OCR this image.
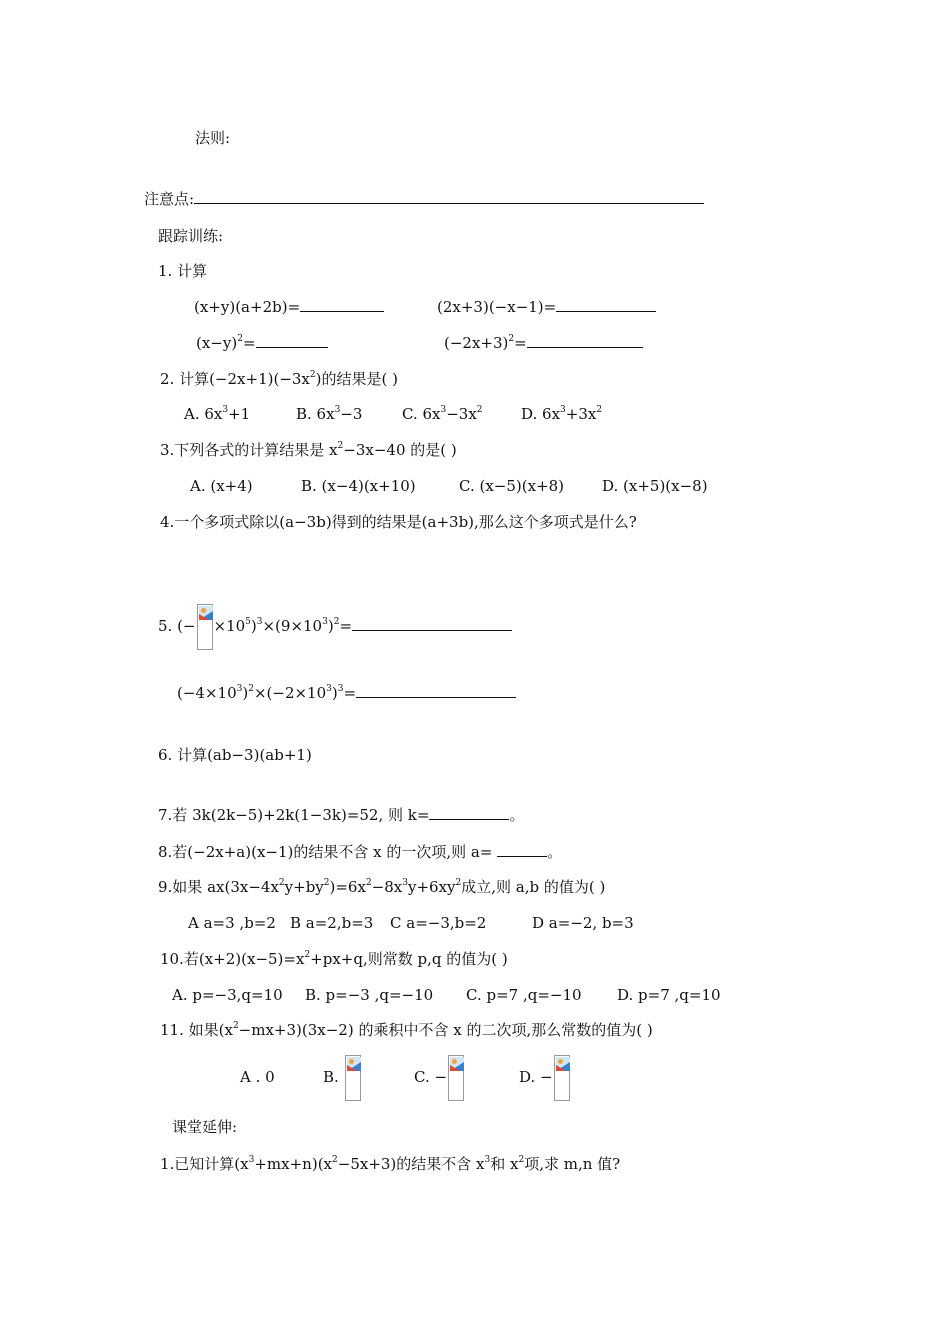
法则:
注意点:
跟踪训练:
1. 计算
(x+y)(a+2b)=	(2x+3)(−x−1)=
$(x-y)^2=$	$(-2x+3)^2=$
2. 计算$(-2x+1)(-3x^2)$的结果是( )
A. $6x^3+1$	B. $6x^3-3$	C. $6x^3-3x^2$	D. $6x^3+3x^2$
3.下列各式的计算结果是 $x^2-3x-40$ 的是( )
A. (x+4)	B. (x−4)(x+10)	C. (x−5)(x+8)	D. (x+5)(x−8)
4.一个多项式除以(a−3b)得到的结果是(a+3b),那么这个多项式是什么?
5. (− $\times 10^5)^3\times(9\times 10^3)^2=$
$(-4\times 10^3)^2\times(-2\times 10^3)^3=$
6. 计算(ab−3)(ab+1)
7.若 3k(2k−5)+2k(1−3k)=52, 则 k=	。
8.若(−2x+a)(x−1)的结果不含 x 的一次项,则 a=	。
9.如果 $ax(3x-4x^2y+by^2)=6x^2-8x^3y+6xy^2$成立,则 a,b 的值为( )
A a=3 ,b=2 B a=2,b=3 C a=−3,b=2	D a=−2, b=3
10.若$(x+2)(x-5)=x^2+px+q$,则常数 p,q 的值为( )
A. p=−3,q=10 B. p=−3 ,q=−10 C. p=7 ,q=−10 D. p=7 ,q=10
11. 如果$(x^2-mx+3)(3x-2)$ 的乘积中不含 x 的二次项,那么常数的值为( )
A . 0	B.	C. −	D. −
课堂延伸:
1.已知计算$(x^3+mx+n)(x^2-5x+3)$的结果不含 $x^3$和 $x^2$项,求 m,n 值?
